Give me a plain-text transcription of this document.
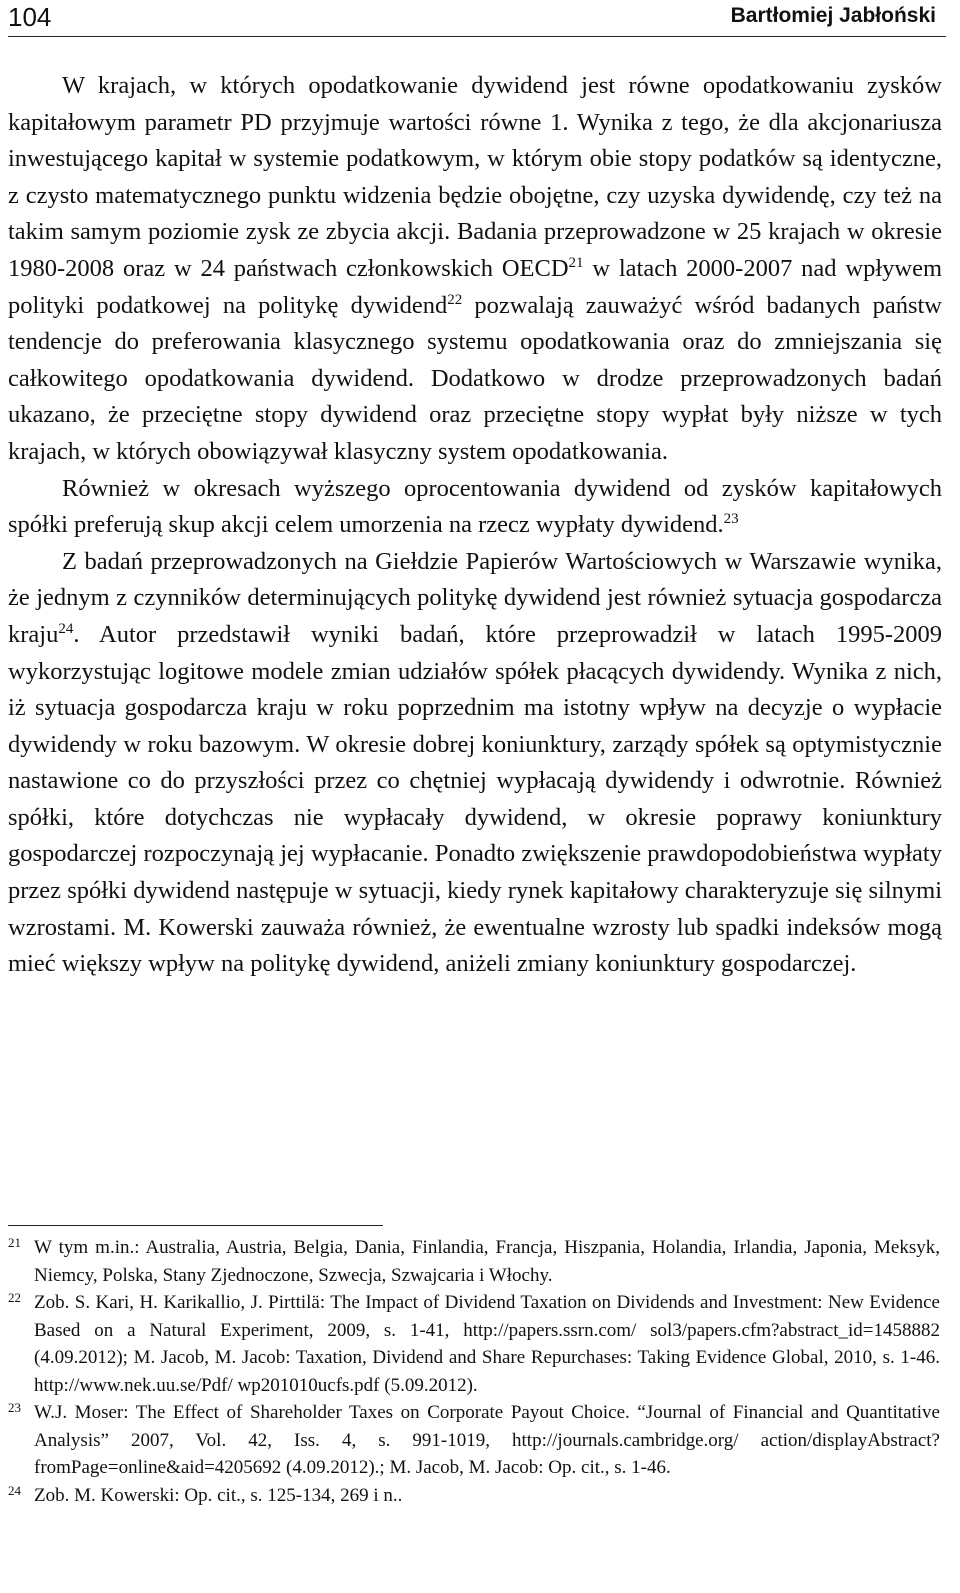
104	Bartłomiej Jabłoński

W krajach, w których opodatkowanie dywidend jest równe opodatkowaniu zysków kapitałowym parametr PD przyjmuje wartości równe 1. Wynika z tego, że dla akcjonariusza inwestującego kapitał w systemie podatkowym, w którym obie stopy podatków są identyczne, z czysto matematycznego punktu widzenia będzie obojętne, czy uzyska dywidendę, czy też na takim samym poziomie zysk ze zbycia akcji. Badania przeprowadzone w 25 krajach w okresie 1980-2008 oraz w 24 państwach członkowskich OECD$^{21}$ w latach 2000-2007 nad wpływem polityki podatkowej na politykę dywidend$^{22}$ pozwalają zauważyć wśród badanych państw tendencje do preferowania klasycznego systemu opodatkowania oraz do zmniejszania się całkowitego opodatkowania dywidend. Dodatkowo w drodze przeprowadzonych badań ukazano, że przeciętne stopy dywidend oraz przeciętne stopy wypłat były niższe w tych krajach, w których obowiązywał klasyczny system opodatkowania.

Również w okresach wyższego oprocentowania dywidend od zysków kapitałowych spółki preferują skup akcji celem umorzenia na rzecz wypłaty dywidend.$^{23}$

Z badań przeprowadzonych na Giełdzie Papierów Wartościowych w Warszawie wynika, że jednym z czynników determinujących politykę dywidend jest również sytuacja gospodarcza kraju$^{24}$. Autor przedstawił wyniki badań, które przeprowadził w latach 1995-2009 wykorzystując logitowe modele zmian udziałów spółek płacących dywidendy. Wynika z nich, iż sytuacja gospodarcza kraju w roku poprzednim ma istotny wpływ na decyzje o wypłacie dywidendy w roku bazowym. W okresie dobrej koniunktury, zarządy spółek są optymistycznie nastawione co do przyszłości przez co chętniej wypłacają dywidendy i odwrotnie. Również spółki, które dotychczas nie wypłacały dywidend, w okresie poprawy koniunktury gospodarczej rozpoczynają jej wypłacanie. Ponadto zwiększenie prawdopodobieństwa wypłaty przez spółki dywidend następuje w sytuacji, kiedy rynek kapitałowy charakteryzuje się silnymi wzrostami. M. Kowerski zauważa również, że ewentualne wzrosty lub spadki indeksów mogą mieć większy wpływ na politykę dywidend, aniżeli zmiany koniunktury gospodarczej.

21 W tym m.in.: Australia, Austria, Belgia, Dania, Finlandia, Francja, Hiszpania, Holandia, Irlandia, Japonia, Meksyk, Niemcy, Polska, Stany Zjednoczone, Szwecja, Szwajcaria i Włochy.
22 Zob. S. Kari, H. Karikallio, J. Pirttilä: The Impact of Dividend Taxation on Dividends and Investment: New Evidence Based on a Natural Experiment, 2009, s. 1-41, http://papers.ssrn.com/ sol3/papers.cfm?abstract_id=1458882 (4.09.2012); M. Jacob, M. Jacob: Taxation, Dividend and Share Repurchases: Taking Evidence Global, 2010, s. 1-46. http://www.nek.uu.se/Pdf/ wp201010ucfs.pdf (5.09.2012).
23 W.J. Moser: The Effect of Shareholder Taxes on Corporate Payout Choice. “Journal of Financial and Quantitative Analysis” 2007, Vol. 42, Iss. 4, s. 991-1019, http://journals.cambridge.org/ action/displayAbstract?fromPage=online&aid=4205692 (4.09.2012).; M. Jacob, M. Jacob: Op. cit., s. 1-46.
24 Zob. M. Kowerski: Op. cit., s. 125-134, 269 i n..
